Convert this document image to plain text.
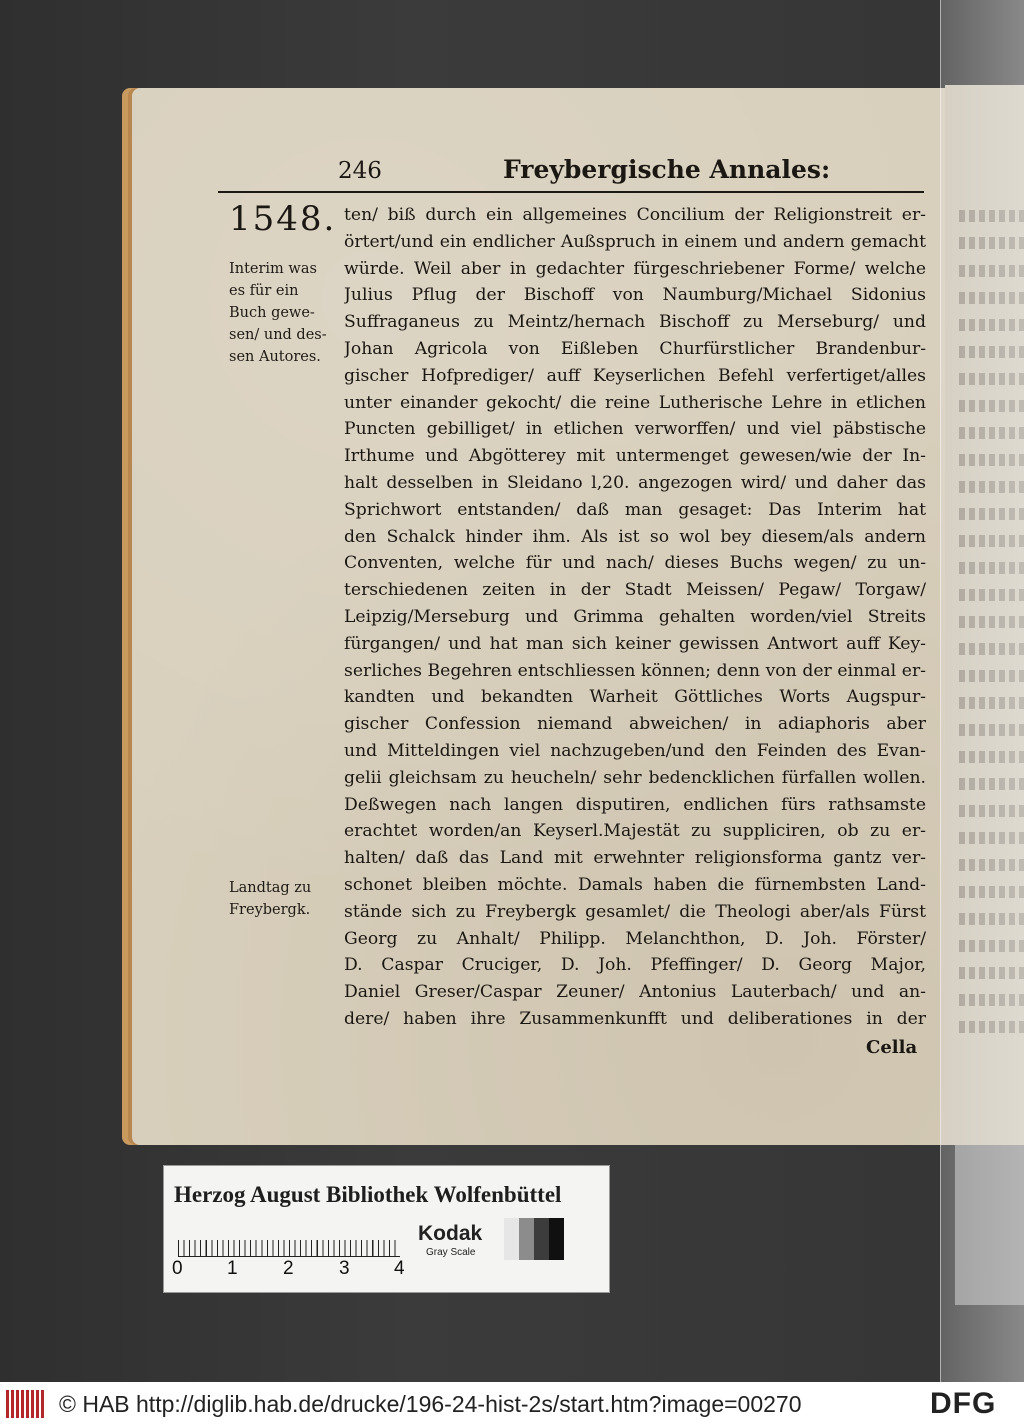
246	Freybergische Annales:
1548.
Interim was
es für ein
Buch gewe-
sen/ und des-
sen Autores.
Landtag zu
Freybergk.
ten/ biß durch ein allgemeines Concilium der Religionstreit er-
örtert/und ein endlicher Außspruch in einem und andern gemacht
würde. Weil aber in gedachter fürgeschriebener Forme/ welche
Julius Pflug der Bischoff von Naumburg/Michael Sidonius
Suffraganeus zu Meintz/hernach Bischoff zu Merseburg/ und
Johan Agricola von Eißleben Churfürstlicher Brandenbur-
gischer Hofprediger/ auff Keyserlichen Befehl verfertiget/alles
unter einander gekocht/ die reine Lutherische Lehre in etlichen
Puncten gebilliget/ in etlichen verworffen/ und viel päbstische
Irthume und Abgötterey mit untermenget gewesen/wie der In-
halt desselben in Sleidano l,20. angezogen wird/ und daher das
Sprichwort entstanden/ daß man gesaget: Das Interim hat
den Schalck hinder ihm. Als ist so wol bey diesem/als andern
Conventen, welche für und nach/ dieses Buchs wegen/ zu un-
terschiedenen zeiten in der Stadt Meissen/ Pegaw/ Torgaw/
Leipzig/Merseburg und Grimma gehalten worden/viel Streits
fürgangen/ und hat man sich keiner gewissen Antwort auff Key-
serliches Begehren entschliessen können; denn von der einmal er-
kandten und bekandten Warheit Göttliches Worts Augspur-
gischer Confession niemand abweichen/ in adiaphoris aber
und Mitteldingen viel nachzugeben/und den Feinden des Evan-
gelii gleichsam zu heucheln/ sehr bedencklichen fürfallen wollen.
Deßwegen nach langen disputiren, endlichen fürs rathsamste
erachtet worden/an Keyserl.Majestät zu suppliciren, ob zu er-
halten/ daß das Land mit erwehnter religionsforma gantz ver-
schonet bleiben möchte. Damals haben die fürnembsten Land-
stände sich zu Freybergk gesamlet/ die Theologi aber/als Fürst
Georg zu Anhalt/ Philipp. Melanchthon, D. Joh. Förster/
D. Caspar Cruciger, D. Joh. Pfeffinger/ D. Georg Major,
Daniel Greser/Caspar Zeuner/ Antonius Lauterbach/ und an-
dere/ haben ihre Zusammenkunfft und deliberationes in der
Cella
Herzog August Bibliothek Wolfenbüttel
0 1 2 3 4
Kodak
Gray Scale
© HAB http://diglib.hab.de/drucke/196-24-hist-2s/start.htm?image=00270	DFG
